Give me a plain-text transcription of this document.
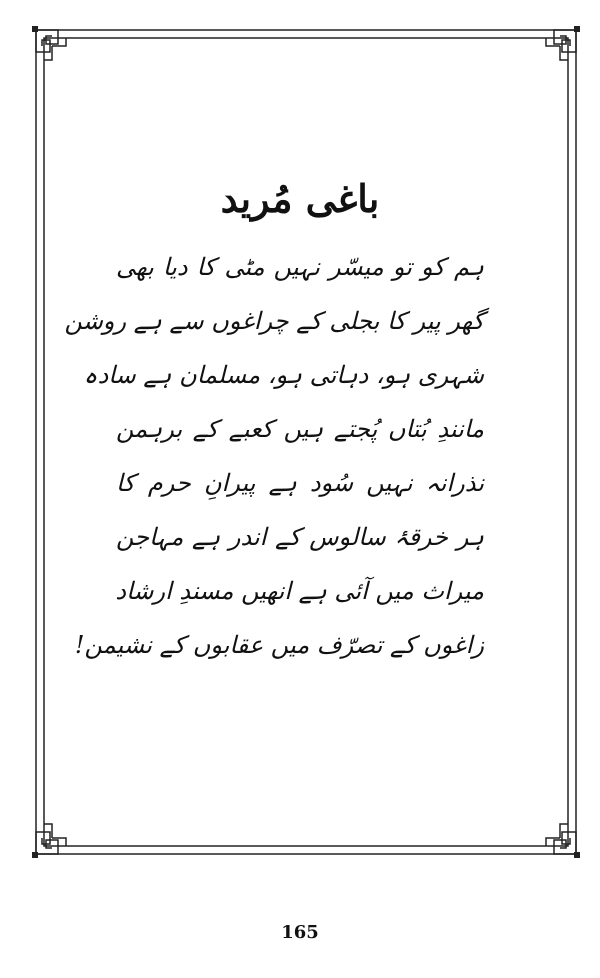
باغی مُرید
ہم کو تو میسّر نہیں مٹی کا دیا بھی
گھر پیر کا بجلی کے چراغوں سے ہے روشن
شہری ہو، دہاتی ہو، مسلمان ہے سادہ
مانندِ بُتاں پُجتے ہیں کعبے کے برہمن
نذرانہ نہیں سُود ہے پیرانِ حرم کا
ہر خرقۂ سالوس کے اندر ہے مہاجن
میراث میں آئی ہے انھیں مسندِ ارشاد
زاغوں کے تصرّف میں عقابوں کے نشیمن!
165
